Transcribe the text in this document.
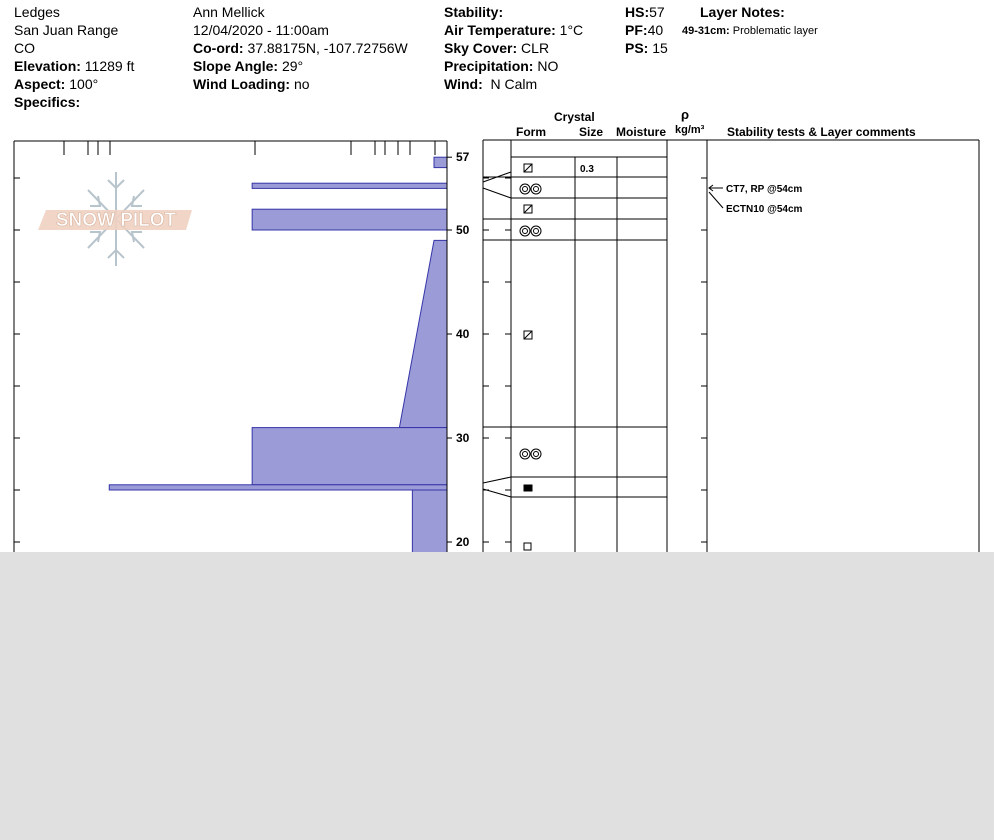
Ledges
San Juan Range
CO
Elevation: 11289 ft
Aspect: 100°
Specifics:
Ann Mellick
12/04/2020 - 11:00am
Co-ord: 37.88175N, -107.72756W
Slope Angle: 29°
Wind Loading: no
Stability:
Air Temperature: 1°C
Sky Cover: CLR
Precipitation: NO
Wind: N Calm
HS:57
PF:40
PS: 15
Layer Notes:
49-31cm: Problematic layer
Crystal
Form	Size Moisture
ρ
kg/m³ Stability tests & Layer comments
57
50
40
30
20
SNOW PILOT
0.3
CT7, RP @54cm
ECTN10 @54cm
